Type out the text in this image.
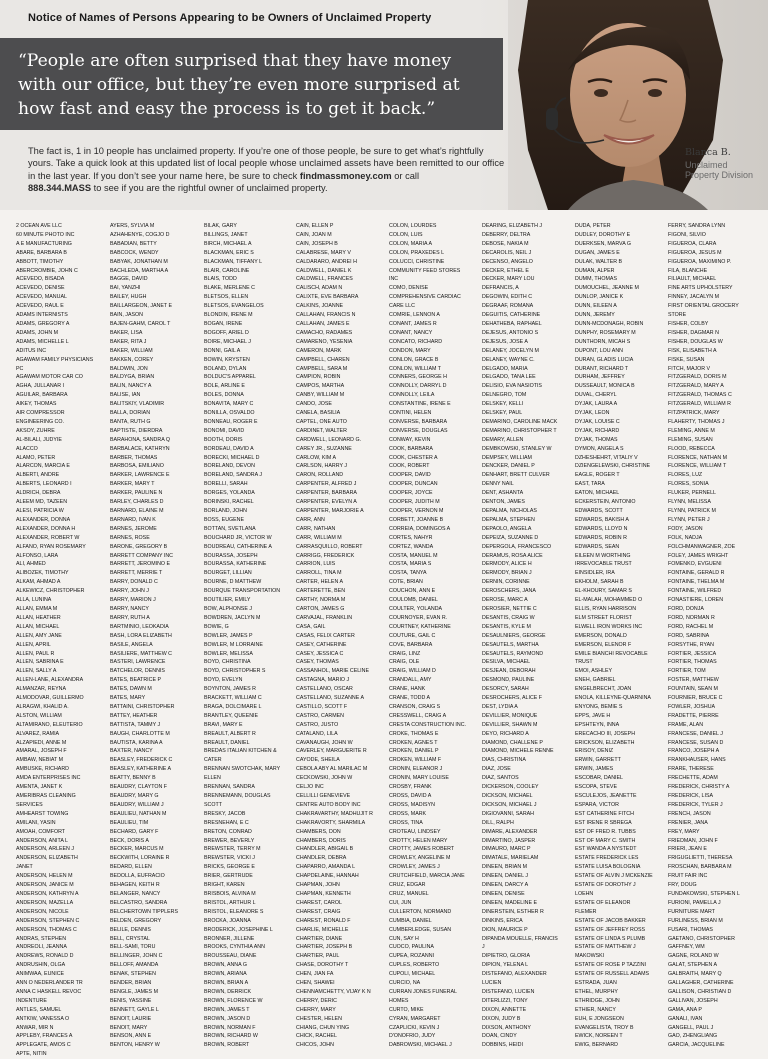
Notice of Names of Persons Appearing to be Owners of Unclaimed Property
“People are often surprised that they have money
with our office, but they’re even more surprised at
how fast and easy the process is to get it back.”
The fact is, 1 in 10 people has unclaimed property. If you’re one of those people, be sure to get what’s rightfully yours. Take a quick look at this updated list of local people whose unclaimed assets have been remitted to our office in the last year. If you don’t see your name here, be sure to check findmassmoney.com or call
888.344.MASS to see if you are the rightful owner of unclaimed property.
Blanca B.
Unclaimed
Property Division
2 OCEAN AVE LLC
60 MINUTE PHOTO INC
A E MANUFACTURING
ABARE, BARBARA B
ABBOTT, TIMOTHY
ABERCROMBIE, JOHN C
ACEVEDO, BISADA
ACEVEDO, DENISE
ACEVEDO, MANUAL
ACEVEDO, RAUL E
ADAMS INTERNISTS
ADAMS, GREGORY A
ADAMS, JOHN M
ADAMS, MICHELLE L
ADITUS INC
AGAWAM FAMILY PHYSICIANS
PC
AGAWAM MOTOR CAR CO
AGHA, JULLANAR I
AGUILAR, BARBARA
AIKEY, THOMAS
AIR COMPRESSOR
ENGINEERING CO.
AKSOY, ZUHRE
AL-BILALI, JUDYIE
ALACCO
ALAMO, PETER
ALARCON, MARCIA E
ALBERTI, ANDRE
ALBERTS, LEONARD I
ALDRICH, DEBRA
ALEEM MD, TAZEEN
ALESI, PATRICIA W
ALEXANDER, DONNA
ALEXANDER, DONNA H
ALEXANDER, ROBERT W
ALFANO, RYAN ROSEMARY
ALFONSO, LARA
ALI, AHMED
ALIBOZEK, TIMOTHY
ALKAM, AHMAD A
ALKEWICZ, CHRISTOPHER
ALLA, LUNINA
ALLAN, EMMA M
ALLAN, HEATHER
ALLAN, MICHAEL
ALLEN, AMY JANE
ALLEN, APRIL
ALLEN, PAUL R
ALLEN, SABRINA E
ALLEN, SALLY A
ALLEN-LANE, ALEXANDRA
ALMANZAR, REYNA
ALMODOVAR, GUILLERMO
ALRAGWI, KHALID A.
ALSTON, WILLIAM
ALTAMIRANO, ELEUTERIO
ALVAREZ, RAMIA
ALZAPIEDI, ANNE M
AMARAL, JOSEPH F
AMBAW, NEBIAT M
AMBUSKE, RICHARD
AMDA ENTERPRISES INC
AMENTA, JANET K
AMERIBRAS CLEANING
SERVICES
AMHEARST TOWING
AMILANI, YASIN
AMOAH, COMFORT
ANDERSON, ANITA L
ANDERSON, ARLEEN J
ANDERSON, ELIZABETH
JANET
ANDERSON, HELEN M
ANDERSON, JANICE M
ANDERSON, KATHRYN A
ANDERSON, MAZELLA
ANDERSON, NICOLE
ANDERSON, STEPHEN C
ANDERSON, THOMAS C
ANDRAS, STEPHEN
ANDREOLI, JEANNA
ANDREWS, RONALD D
ANDRUSHIN, OLGA
ANIMWAA, EUNICE
ANN O NEDERLANDER TR
ANNA C HASKELL REVOC
INDENTURE
ANTLES, SAMUEL
ANTKIW, VANESSA O
ANWAR, MIR N
APPLEBY, FRANCES A
APPLEGATE, AMOS C
APTE, NITIN
AYERS, SYLVIA M
AZHAHENYE, COGJO D
BABADIAN, BETTY
BABCOCK, WENDY
BABYAK, JONATHAN M
BACHLEDA, MARTHA A
BAGGE, DAVID
BAI, YANZHI
BAILEY, HUGH
BAILLARGEON, JANET E
BAIN, JASON
BAJEN-GAHM, CAROL T
BAKER, LISA
BAKER, RITA J
BAKER, WILLIAM
BAKKEN, COREY
BALDWIN, JON
BALDYGA, BRIAN
BALIN, NANCY A
BALISE, IAN
BALITSKIY, VLADIMIR
BALLA, DORIAN
BANTA, RUTH G
BAPTISTE, DIERDRA
BARAHONA, SANDRA Q
BARBALACE, KATHRYN
BARBER, THOMAS
BARBOSA, EMILIANO
BARKER, LAWRENCE E
BARKER, MARY T
BARKER, PAULINE N
BARLEY, CHARLES D
BARNARD, ELAINE M
BARNARD, IVAN K
BARNES, JEROME
BARNES, ROSE
BARONE, GREGORY B
BARRETT COMPANY INC
BARRETT, JEROMINO E
BARRETT, MERRIE T
BARRY, DONALD C
BARRY, JOHN J
BARRY, MARION J
BARRY, NANCY
BARRY, RUTH A
BARTMINIO, LEOKADIA
BASH, LORA ELIZABETH
BASILE, ANGELA
BASILIERE, MATTHEW C
BASTERI, LAWRENCE
BATCHELOR, DENNIS
BATES, BEATRICE P
BATES, DAWN M
BATES, MARY
BATTAINI, CHRISTOPHER
BATTEY, HEATHER
BATTISTA, TAMMY J
BAUGH, CHARLOTTE M
BAUTISTA, KARINA A
BAXTER, NANCY
BEASLEY, FREDERICK C
BEASLEY, KATHERINE A
BEATTY, BENNY B
BEAUDRY, CLAYTON F
BEAUDRY, MARY G
BEAUDRY, WILLIAM J
BEAULIEU, NATHAN M
BEAULIEU, TIM
BECHARD, GARY F
BECK, DORIS A
BECKER, MARCUS M
BECKWITH, LORAINE R
BEDARD, ELLEN
BEDOLLA, EUFRACIO
BEHAGEN, KEITH R
BELANGER, NANCY
BELCASTRO, SANDRA
BELCHERTOWN TIPPLERS
BELDEN, GREGORY
BELILE, DENNIS
BELL, CRYSTAL
BELL-SAMI, TORU
BELLINGER, JOHN C
BELLOFF, AMANDA
BENAK, STEPHEN
BENDER, BRIAN
BENGLE, JAMES M
BENIS, YASSINE
BENNETT, GAYLE L
BENOIT, LAURIE
BENOIT, MARY
BENSON, ANN E
BENTON, HENRY W
BILAK, GARY
BILLINGS, JANET
BIRCH, MICHAEL A
BLACKMAN, ERIC S
BLACKMAN, TIFFANY L
BLAIR, CAROLINE
BLAIS, TODD
BLAKE, MERLENE C
BLETSOS, ELLEN
BLETSOS, EVANGELOS
BLONDIN, IRENE M
BOGAN, IRENE
BOGOFF, ARIEL D
BOIRE, MICHAEL J
BONNI, GAIL A
BOWIN, KRYSTEN
BOLAND, DYLAN
BOLDUC'S APPAREL
BOLE, ARLINE E
BOLES, DONNA
BONAVITA, MARY C
BONILLA, OSVALDO
BONNEAU, ROGER E
BONOMI, DAVID
BOOTH, DORIS
BORDEAU, DAVID A
BORECKI, MICHAEL D
BORELAND, DEVON
BORELAND, SANDRA J
BORELLI, SARAH
BORGES, YOLANDA
BORINSKI, RACHEL
BORLAND, JOHN
BOSS, EUGENE
BOTTAN, SVETLANA
BOUCHARD JR, VICTOR W
BOUDREAU, CATHERINE A
BOURASSA, JOSEPH
BOURASSA, KATHERINE
BOURGET, LILLIAN
BOURNE, D MATTHEW
BOURQUE TRANSPORTATION
BOUTILIER, EMILY
BOW, ALPHONSE J
BOWDREN, JACLYN M
BOWIE, G
BOWLER, JAMES P
BOWLER, M LORRAINE
BOWLER, MELISSA
BOYD, CHRISTINA
BOYD, CHRISTOPHER S
BOYD, EVELYN
BOYNTON, JAMES R
BRACKETT, WILLIAM C
BRAGA, DOLCIMARE L
BRANTLEY, QUEENIE
BRAVI, MARY E
BREAULT, ALBERT R
BREAULT, DANIEL
BREDAS ITALIAN KITCHEN &
CATER
BRENNAN SWOTCHAK, MARY
ELLEN
BRENNAN, SANDRA
BRENNEMANN, DOUGLAS
SCOTT
BRESKY, JACOB
BRESNEHAN, E C
BRETON, CONRAD
BREWER, BEVERLY
BREWSTER, TERRY M
BREWSTER, VICKI J
BRICKS, GEORGE E
BRIER, GERTRUDE
BRIGHT, KAREN
BRISBOIS, ALVINA M
BRISTOL, ARTHUR L
BRISTOL, ELEANORE S
BROCKA, JOANNA
BRODERICK, JOSEPHINE L
BRONNER, JILLENE
BROOKS, CYNTHIA ANN
BROUSSEAU, DIANE
BROWN, ANNA G
BROWN, ARIANA
BROWN, BRIAN A
BROWN, DERRICK
BROWN, FLORENCE W
BROWN, JAMES T
BROWN, JASON D
BROWN, NORMAN F
BROWN, RICHARD W
BROWN, ROBERT
CAIN, ELLEN P
CAIN, JOAN M
CAIN, JOSEPH B
CALABRESE, MARY V
CALDARARO, ANDREI H
CALDWELL, DANIEL K
CALDWELL, FRANCES
CALISCH, ADAM N
CALIXTE, EVE BARBARA
CALKINS, JOANNE
CALLAHAN, FRANCIS N
CALLAHAN, JAMES E
CAMACHO, RADAMES
CAMARENO, YESENIA
CAMERON, MARK
CAMPBELL, CHAREN
CAMPBELL, SARA M
CAMPION, ROBIN
CAMPOS, MARTHA
CANBY, WILLIAM M
CANDO, JOSE
CANELA, BASILIA
CAPTEL, ONE AUTO
CARDINET, WALTER
CARDWELL, LEONARD G.
CAREY JR., SUZANNE
CARLOW, KIM A
CARLSON, HARRY J
CARON, ROLLAND
CARPENTER, ALFRED J
CARPENTER, BARBARA
CARPENTER, EVELYN A
CARPENTER, MARJORIE A
CARR, ANN
CARR, NATHAN
CARR, WILLIAM M
CARRASQUILLO, ROBERT
CARRIGG, FREDERICK
CARRION, LUIS
CARROLL, TINA M
CARTER, HELEN A
CARTERETTE, BEN
CARTHY, NORMA M
CARTON, JAMES G
CARVAJAL, FRANKLIN
CASA, GAIL
CASAS, FELIX CARTER
CASEY, CATHERINE
CASEY, JESSICA C
CASEY, THOMAS
CASSANHOL, MARIE CELINE
CASTAGNA, MARIO J
CASTELLANO, OSCAR
CASTELLANO, SUZANNE A
CASTILLO, SCOTT F
CASTRO, CARMEN
CASTRO, JUSTO
CATALANO, LILA
CAVANAUGH, JOHN W
CAVERLEY, MARGUERITE R
CAYODE, SHEILA
CEBOLA ABY AL MARILAC M
CECKOWSKI, JOHN W
CELJO INC
CELLILLI GENEVIEVE
CENTRE AUTO BODY INC
CHAKRAVARTHY, MADHUJIT R
CHAKRAVORTY, SHARMILA
CHAMBERS, DON
CHAMBERS, DORIS
CHANDLER, ABIGAIL B
CHANDLER, DEBRA
CHAPARRO, AMANDA L
CHAPDELAINE, HANNAH
CHAPMAN, JOHN
CHAPMAN, KENNETH
CHAREST, CAROL
CHAREST, CRAIG
CHAREST, RONALD F
CHARLIE, MICHELLE
CHARTIER, DIANE
CHARTIER, JOSEPH B
CHARTIER, PAUL
CHASE, DOROTHY T
CHEN, JIAN FA
CHEN, SHAWEI
CHENNAMCHETTY, VIJAY K N
CHERRY, DERIC
CHERRY, MARY
CHESTER, HELEN
CHIANG, CHUN YING
CHICK, RACHEL
CHICOS, JOHN
COLON, LOURDES
COLON, LUIS
COLON, MARIA A
COLON, PRAXEDES L
COLUCCI, CHRISTINE
COMMUNITY FEED STORES
INC
COMO, DENISE
COMPREHENSIVE CARDIAC
CARE LLC
COMRIE, LENNON A
CONANT, JAMES R
CONANT, NANCY
CONCATO, RICHARD
CONDON, MARY
CONLON, GRACE B
CONLON, WILLIAM T
CONNERS, GEORGE H
CONNOLLY, DARRYL D
CONNOLLY, LEILA
CONSTANTINE, IRENE E
CONTINI, HELEN
CONVERSE, BARBARA
CONVERSE, DOUGLAS
CONWAY, KEVIN
COOK, BARBARA
COOK, CHESTER A
COOK, ROBERT
COOPER, DAVID
COOPER, DUNCAN
COOPER, JOYCE
COOPER, JUDITH M
COOPER, VERNON M
CORBETT, JOANNE B
CORREIA, DOMINGOS A
CORTES, NAHYR
CORTEZ, WANDA
COSTA, MANUEL M
COSTA, MARIA S
COSTA, TANYA
COTE, BRIAN
COUCHON, ANN E
COULOMB, DANIEL
COULTER, YOLANDA
COURNOYER, EVAN R.
COURTNEY, KATHERINE
COUTURE, GAIL C
COVE, BARBARA
CRAIG, LINZ
CRAIG, OLE
CRAIG, WILLIAM D
CRANDALL, AMY
CRANE, HANK
CRANE, TODD A
CRANSON, CRAIG S
CRESSWELL, CRAIG A
CRESTA CONSTRUCTION INC.
CROKE, THOMAS E
CROKEN, AGNES T
CROKEN, DANIEL P
CROKEN, WILLIAM F
CRONIN, ELEANOR J
CRONIN, MARY LOUISE
CROSBY, FRANK
CROSS, DAVID A
CROSS, MADISYN
CROSS, MARK
CROSS, TINA
CROTEAU, LINDSEY
CROTTY, HELEN MARY
CROTTY, JAMES ROBERT
CROWLEY, ANGELINE M
CROWLEY, JAMES J
CRUTCHFIELD, MARCIA JANE
CRUZ, EDGAR
CRUZ, MANUEL
CUI, JUN
CULLERTON, NORMAND
CUMBIA, DANIEL
CUMBERLEDGE, SUSAN
CUN, SAY H
CUOCO, PAULINA
CUPEA, ROZANNI
CUPLES, ROBERTO
CUPOLI, MICHAEL
CURCIO, NA
CURRAN JONES FUNERAL
HOMES
CURTO, MIKE
CYRAN, MARGARET
CZAPLICKI, KEVIN J
D'ONOFRIO, JUDY
DABROWSKI, MICHAEL J
DEARING, ELIZABETH J
DEBERRY, DELTRA
DEBOSE, NAKIA M
DECAROLIS, NEIL J
DECENSO, ANGELO
DECKER, ETHEL E
DECKER, MARY LOU
DEFRANCIS, A
DEGOWIN, EDITH C
DEGRAAF, ROMANA
DEGUITIS, CATHERINE
DEHATHEBA, RAPHAEL
DEJESUS, ANTONIO S
DEJESUS, JOSE A
DELANEY, JOCELYN M
DELANEY, WAYNE C.
DELGADO, MARIA
DELGADO, TANA LEE
DELISIO, EVA NASIOTIS
DELNEGRO, TOM
DELSKEY, KELLI
DELSKEY, PAUL
DEMARINO, CAROLINE MACK
DEMARINO, CHRISTOPHER T
DEMARY, ALLEN
DEMBKOWSKI, STANLEY W
DEMPSEY, WILLIAM
DENCKER, DANIEL P
DENHART, BRETT CULVER
DENNY NAIL
DENT, ASHANTA
DENTON, JAMES
DEPALMA, NICHOLAS
DEPALMA, STEPHEN
DEPAOLO, ANGELA
DEPEIZA, SUZANNE D
DEPERGOLA, FRANCESCO
DERAMUS, ROSA ALICE
DERMODY, ALICE H
DERMODY, BRIAN J
DERNIN, CORINNE
DEROSCHERS, JANA
DEROSE, MARC A
DEROSIER, NETTIE C
DESANTIS, CRAIG W
DESANTIS, KYLE M
DESAULNIERS, GEORGE
DESAUTELS, MARTHA
DESAUTELS, RAYMOND
DESILVA, MICHAEL
DESJEAN, DEBORAH
DESMOND, PAULINE
DESORCY, SARAH
DESROCHERS, ALICE F
DEST, LYDIA A
DEVILLIER, MONIQUE
DEVILLIER, SHAWN M
DEYO, RICHARD A
DIAMOND, CHALLENE P
DIAMOND, MICHELE RENNE
DIAS, CHRISTINA
DIAZ, JOSE
DIAZ, SANTOS
DICKERSON, COOLEY
DICKSON, MICHAEL
DICKSON, MICHAEL J
DIGIOVANNI, SARAH
DILL, RALPH
DIMARE, ALEXANDER
DIMARTINO, JASPER
DIMAURO, MARC P
DIMATALE, MARIELAM
DINEEN, BRIAN M
DINEEN, DANIEL J
DINEEN, DARCY A
DINEEN, DENISE
DINEEN, MADELINE E
DINERSTEIN, ESTHER R
DINKINS, ERICA
DION, MAURICE P
DIPANDA MOUELLE, FRANCIS
J
DIPIETRO, GLORIA
DIPION, YELENA L
DISTEFANO, ALEXANDER
LUCIEN
DISTEFANO, LUCIEN
DITERLIZZI, TONY
DIXON, ANNETTE
DIXON, JUDY B
DIXSON, ANTHONY
DOAN, CINDY
DOBBINS, HEIDI
DUDA, PETER
DUDLEY, DOROTHY E
DUERKSEN, MARVA G
DUGAN, JAMES E
DULAK, WALTER B
DUMAN, ALPER
DUMM, THOMAS
DUMOUCHEL, JEANNE M
DUNLOP, JANICE K
DUNN, EILEEN A
DUNN, JEREMY
DUNN-MCDONAGH, ROBIN
DUNPHY, ROSEMARY M
DUNTHORN, MICAH S
DUPONT, LOU ANN
DURAN, GLADIS LUCIA
DURANT, RICHARD T
DURHAM, JEFFREY
DUSSEAULT, MONICA B
DUVAL, CHERYL
DYJAK, LAURA A
DYJAK, LEON
DYJAK, LOUISE C
DYJAK, RICHARD
DYJAK, THOMAS
DYMON, ANGELA S
DZHESHEHRT, VITALIY V
DZIENGELEWSKI, CHRISTINE
EAGLE, ROGER T
EAST, TARA
EATON, MICHAEL
ECKERSTEIN, ANTONIO
EDWARDS, SCOTT
EDWARDS, BAKISH A
EDWARDS, LLOYD N
EDWARDS, ROBIN R
EDWARDS, SEAN
EILEEN M WORTHING
IRREVOCABLE TRUST
EINSIDLER, IRA
EKHOLM, SARAH B
EL-KHOURY, SAMAR S
EL-MALAH, MOHAMMED O
ELLIS, RYAN HARRISON
ELM STREET FLORIST
ELWELL IRON WORKS INC
EMERSON, DONALD
EMERSON, ELENOR F
EMILE BIANCHI REVOCABLE
TRUST
EMOI, ASHLEY
ENEH, GABRIEL
ENGELBRECHT, JOAN
ENOLA, KILLEYNE-QUARNINA
ENYONG, BEMIE S
EPPS, JAVE H
EPSHTEYN, INNA
ERECACHO III, JOSEPH
ERICKSON, ELIZABETH
ERISOY, DENIZ
ERWIN, GARRETT
ERWIN, JAMES
ESCOBAR, DANIEL
ESCOPA, STEVE
ESCULEJOS, JEANETTE
ESPARA, VICTOR
EST CATHERINE FITCH
EST IRENE R SBREGA
EST OF FRED R. TUBBS
EST OF MARY C. SMITH
EST WANDA A NYSTEDT
ESTATE FREDERICK LES
ESTATE LUISA BOLOGNIA
ESTATE OF ALVIN J MCKENZIE
ESTATE OF DOROTHY J
LOEHN
ESTATE OF ELEANOR
FLEMER
ESTATE OF JACOB BAKKER
ESTATE OF JEFFREY ROSS
ESTATE OF LINDA S PLUMB
ESTATE OF MATTHEW J
MAKOWSKI
ESTATE OF ROSE P TAZZINI
ESTATE OF RUSSELL ADAMS
ESTRADA, JUAN
ETHEL, MURPHY
ETHRIDGE, JOHN
ETHIER, NANCY
EUH, E JONGSEON
EVANGELISTA, TROY B
EWICK, NOREEN T
EWIG, BERNARD
FERRY, SANDRA LYNN
FIGONI, SILVIO
FIGUEROA, CLARA
FIGUEROA, JESUS M
FIGUEROA, MAXIMINO P.
FILA, BLANCHE
FILIAULT, MICHAEL
FINE ARTS UPHOLSTERY
FINNEY, JACALYN M
FIRST ORIENTAL GROCERY
STORE
FISHER, COLBY
FISHER, DAGMAR N
FISHER, DOUGLAS W
FISK, ELISABETH A
FISKE, SUSAN
FITCH, MAJOR V
FITZGERALD, DORIS M
FITZGERALD, MARY A
FITZGERALD, THOMAS C
FITZGERALD, WILLIAM R
FITZPATRICK, MARY
FLAHERTY, THOMAS J
FLEMING, ANNE M
FLEMING, SUSAN
FLOOD, REBECCA
FLORENCE, NATHAN M
FLORENCE, WILLIAM T
FLORES, LUZ
FLORES, SONIA
FLUKER, PERNELL
FLYNN, MELISSA
FLYNN, PATRICK M
FLYNN, PETER J
FODY, JASON
FOLK, NADJA
FOLCHMANWAGNER, ZOE
FOLEY, JAMES WRIGHT
FOMENKO, EVGUENI
FONTAINE, GERALD R
FONTAINE, THELMA M
FONTAINE, WILFRED
FONASTIERE, LOREN
FORD, DONJA
FORD, NORMAN R
FORD, RACHEL M
FORD, SABRINA
FORSYTHE, RYAN
FORTIER, JESSICA
FORTIER, THOMAS
FORTIER, TOM
FOSTER, MATTHEW
FOUNTAIN, SEAN M
FOURNIER, BRUCE C
FOWLER, JOSHUA
FRADETTE, PIERRE
FRAME, ALAN
FRANCESE, DANIEL J
FRANCESE, SUSAN D
FRANCO, JOSEPH A
FRANKHAUSER, HANS
FRARE, THERESE
FRECHETTE, ADAM
FREDERICK, CHRISTY A
FREDERICK, LISA
FREDERICK, TYLER J
FRENCH, JASON
FRENIER, JANA
FREY, MARY
FRIEDMAN, JOHN F
FRIERI, JEAN E
FRIGUGLIETTI, THERESA
FROSCHAN, BARBARA M
FRUIT FAIR INC
FRY, DOUG
FUNDAKOWSKI, STEPHEN L
FURIONI, PAMELLA J
FURNITURE MART
FURLINESS, BRIAN M
FUSARI, THOMAS
GAETANO, CHRISTOPHER
GAFFNEY, WM
GAGNE, ROLAND W
GALAT, STEPHEN A
GALBRAITH, MARY Q
GALLAGHER, CATHERINE
GALLISON, CHRISTIAN D
GALLIVAN, JOSEPH
GAMA, ANA P
GANALI, IVAN
GANGELL, PAUL J
GAO, ZHENGLIANG
GARCIA, JACQUELINE
